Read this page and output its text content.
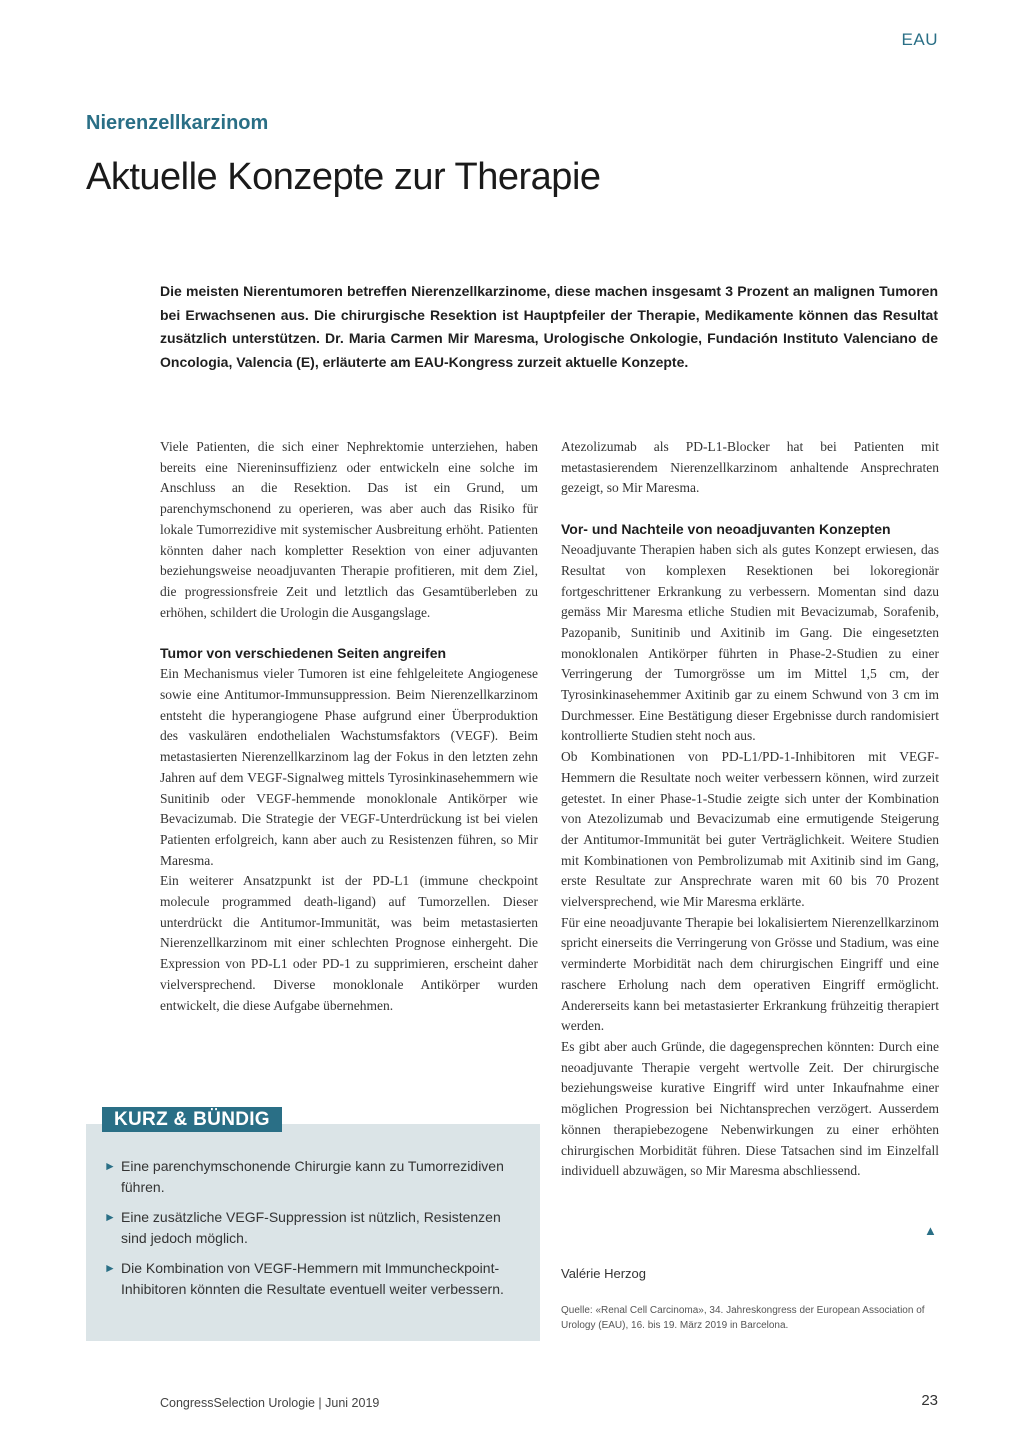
EAU
Nierenzellkarzinom
Aktuelle Konzepte zur Therapie

Die meisten Nierentumoren betreffen Nierenzellkarzinome, diese machen insgesamt 3 Prozent an malignen Tumoren bei Erwachsenen aus. Die chirurgische Resektion ist Hauptpfeiler der Therapie, Medikamente können das Resultat zusätzlich unterstützen. Dr. Maria Carmen Mir Maresma, Urologische Onkologie, Fundación Instituto Valenciano de Oncologia, Valencia (E), erläuterte am EAU-Kongress zurzeit aktuelle Konzepte.

Viele Patienten, die sich einer Nephrektomie unterziehen, haben bereits eine Niereninsuffizienz oder entwickeln eine solche im Anschluss an die Resektion. Das ist ein Grund, um parenchymschonend zu operieren, was aber auch das Risiko für lokale Tumorrezidive mit systemischer Ausbreitung erhöht. Patienten könnten daher nach kompletter Resektion von einer adjuvanten beziehungsweise neoadjuvanten Therapie profitieren, mit dem Ziel, die progressionsfreie Zeit und letztlich das Gesamtüberleben zu erhöhen, schildert die Urologin die Ausgangslage.

Tumor von verschiedenen Seiten angreifen

Ein Mechanismus vieler Tumoren ist eine fehlgeleitete Angiogenese sowie eine Antitumor-Immunsuppression. Beim Nierenzellkarzinom entsteht die hyperangiogene Phase aufgrund einer Überproduktion des vaskulären endothelialen Wachstumsfaktors (VEGF). Beim metastasierten Nierenzellkarzinom lag der Fokus in den letzten zehn Jahren auf dem VEGF-Signalweg mittels Tyrosinkinasehemmern wie Sunitinib oder VEGF-hemmende monoklonale Antikörper wie Bevacizumab. Die Strategie der VEGF-Unterdrückung ist bei vielen Patienten erfolgreich, kann aber auch zu Resistenzen führen, so Mir Maresma.

Ein weiterer Ansatzpunkt ist der PD-L1 (immune checkpoint molecule programmed death-ligand) auf Tumorzellen. Dieser unterdrückt die Antitumor-Immunität, was beim metastasierten Nierenzellkarzinom mit einer schlechten Prognose einhergeht. Die Expression von PD-L1 oder PD-1 zu supprimieren, erscheint daher vielversprechend. Diverse monoklonale Antikörper wurden entwickelt, die diese Aufgabe übernehmen.

Atezolizumab als PD-L1-Blocker hat bei Patienten mit metastasierendem Nierenzellkarzinom anhaltende Ansprechraten gezeigt, so Mir Maresma.

Vor- und Nachteile von neoadjuvanten Konzepten

Neoadjuvante Therapien haben sich als gutes Konzept erwiesen, das Resultat von komplexen Resektionen bei lokoregionär fortgeschrittener Erkrankung zu verbessern. Momentan sind dazu gemäss Mir Maresma etliche Studien mit Bevacizumab, Sorafenib, Pazopanib, Sunitinib und Axitinib im Gang. Die eingesetzten monoklonalen Antikörper führten in Phase-2-Studien zu einer Verringerung der Tumorgrösse um im Mittel 1,5 cm, der Tyrosinkinasehemmer Axitinib gar zu einem Schwund von 3 cm im Durchmesser. Eine Bestätigung dieser Ergebnisse durch randomisiert kontrollierte Studien steht noch aus.

Ob Kombinationen von PD-L1/PD-1-Inhibitoren mit VEGF-Hemmern die Resultate noch weiter verbessern können, wird zurzeit getestet. In einer Phase-1-Studie zeigte sich unter der Kombination von Atezolizumab und Bevacizumab eine ermutigende Steigerung der Antitumor-Immunität bei guter Verträglichkeit. Weitere Studien mit Kombinationen von Pembrolizumab mit Axitinib sind im Gang, erste Resultate zur Ansprechrate waren mit 60 bis 70 Prozent vielversprechend, wie Mir Maresma erklärte.

Für eine neoadjuvante Therapie bei lokalisiertem Nierenzellkarzinom spricht einerseits die Verringerung von Grösse und Stadium, was eine verminderte Morbidität nach dem chirurgischen Eingriff und eine raschere Erholung nach dem operativen Eingriff ermöglicht. Andererseits kann bei metastasierter Erkrankung frühzeitig therapiert werden.

Es gibt aber auch Gründe, die dagegensprechen könnten: Durch eine neoadjuvante Therapie vergeht wertvolle Zeit. Der chirurgische beziehungsweise kurative Eingriff wird unter Inkaufnahme einer möglichen Progression bei Nichtansprechen verzögert. Ausserdem können therapiebezogene Nebenwirkungen zu einer erhöhten chirurgischen Morbidität führen. Diese Tatsachen sind im Einzelfall individuell abzuwägen, so Mir Maresma abschliessend.

▲
Valérie Herzog
Quelle: «Renal Cell Carcinoma», 34. Jahreskongress der European Association of Urology (EAU), 16. bis 19. März 2019 in Barcelona.
KURZ & BÜNDIG
► Eine parenchymschonende Chirurgie kann zu Tumorrezidiven führen.
► Eine zusätzliche VEGF-Suppression ist nützlich, Resistenzen sind jedoch möglich.
► Die Kombination von VEGF-Hemmern mit Immuncheckpoint-Inhibitoren könnten die Resultate eventuell weiter verbessern.
CongressSelection Urologie | Juni 2019	23
